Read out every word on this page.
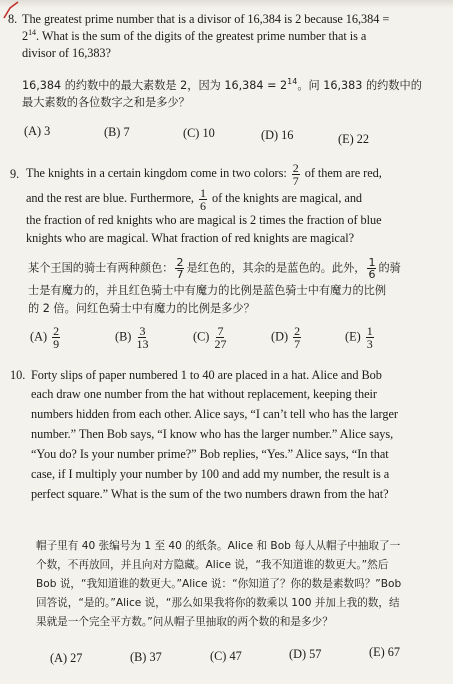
8. The greatest prime number that is a divisor of 16,384 is 2 because 16,384 =
$2^{14}$. What is the sum of the digits of the greatest prime number that is a
divisor of 16,383?
16,384 的约数中的最大素数是 2，因为 $16,384 = 2^{14}$。问 16,383 的约数中的
最大素数的各位数字之和是多少？
(A) 3	(B) 7	(C) 10	(D) 16	(E) 22
9. The knights in a certain kingdom come in two colors: $\frac{2}{7}$ of them are red,
and the rest are blue. Furthermore, $\frac{1}{6}$ of the knights are magical, and
the fraction of red knights who are magical is 2 times the fraction of blue
knights who are magical. What fraction of red knights are magical?
某个王国的骑士有两种颜色： $\frac{2}{7}$ 是红色的，其余的是蓝色的。此外， $\frac{1}{6}$ 的骑
士是有魔力的，并且红色骑士中有魔力的比例是蓝色骑士中有魔力的比例
的 2 倍。问红色骑士中有魔力的比例是多少？
$(A) \frac{2}{9}$	$(B) \frac{3}{13}$	$(C) \frac{7}{27}$	$(D) \frac{2}{7}$	$(E) \frac{1}{3}$
10. Forty slips of paper numbered 1 to 40 are placed in a hat. Alice and Bob
each draw one number from the hat without replacement, keeping their
numbers hidden from each other. Alice says, “I can’t tell who has the larger
number.” Then Bob says, “I know who has the larger number.” Alice says,
“You do? Is your number prime?” Bob replies, “Yes.” Alice says, “In that
case, if I multiply your number by 100 and add my number, the result is a
perfect square.” What is the sum of the two numbers drawn from the hat?
帽子里有 40 张编号为 1 至 40 的纸条。Alice 和 Bob 每人从帽子中抽取了一
个数，不再放回，并且向对方隐藏。Alice 说，“我不知道谁的数更大。”然后
Bob 说，“我知道谁的数更大。”Alice 说：“你知道了？你的数是素数吗？”Bob
回答说，“是的。”Alice 说，“那么如果我将你的数乘以 100 并加上我的数，结
果就是一个完全平方数。”问从帽子里抽取的两个数的和是多少？
(A) 27	(B) 37	(C) 47	(D) 57	(E) 67
